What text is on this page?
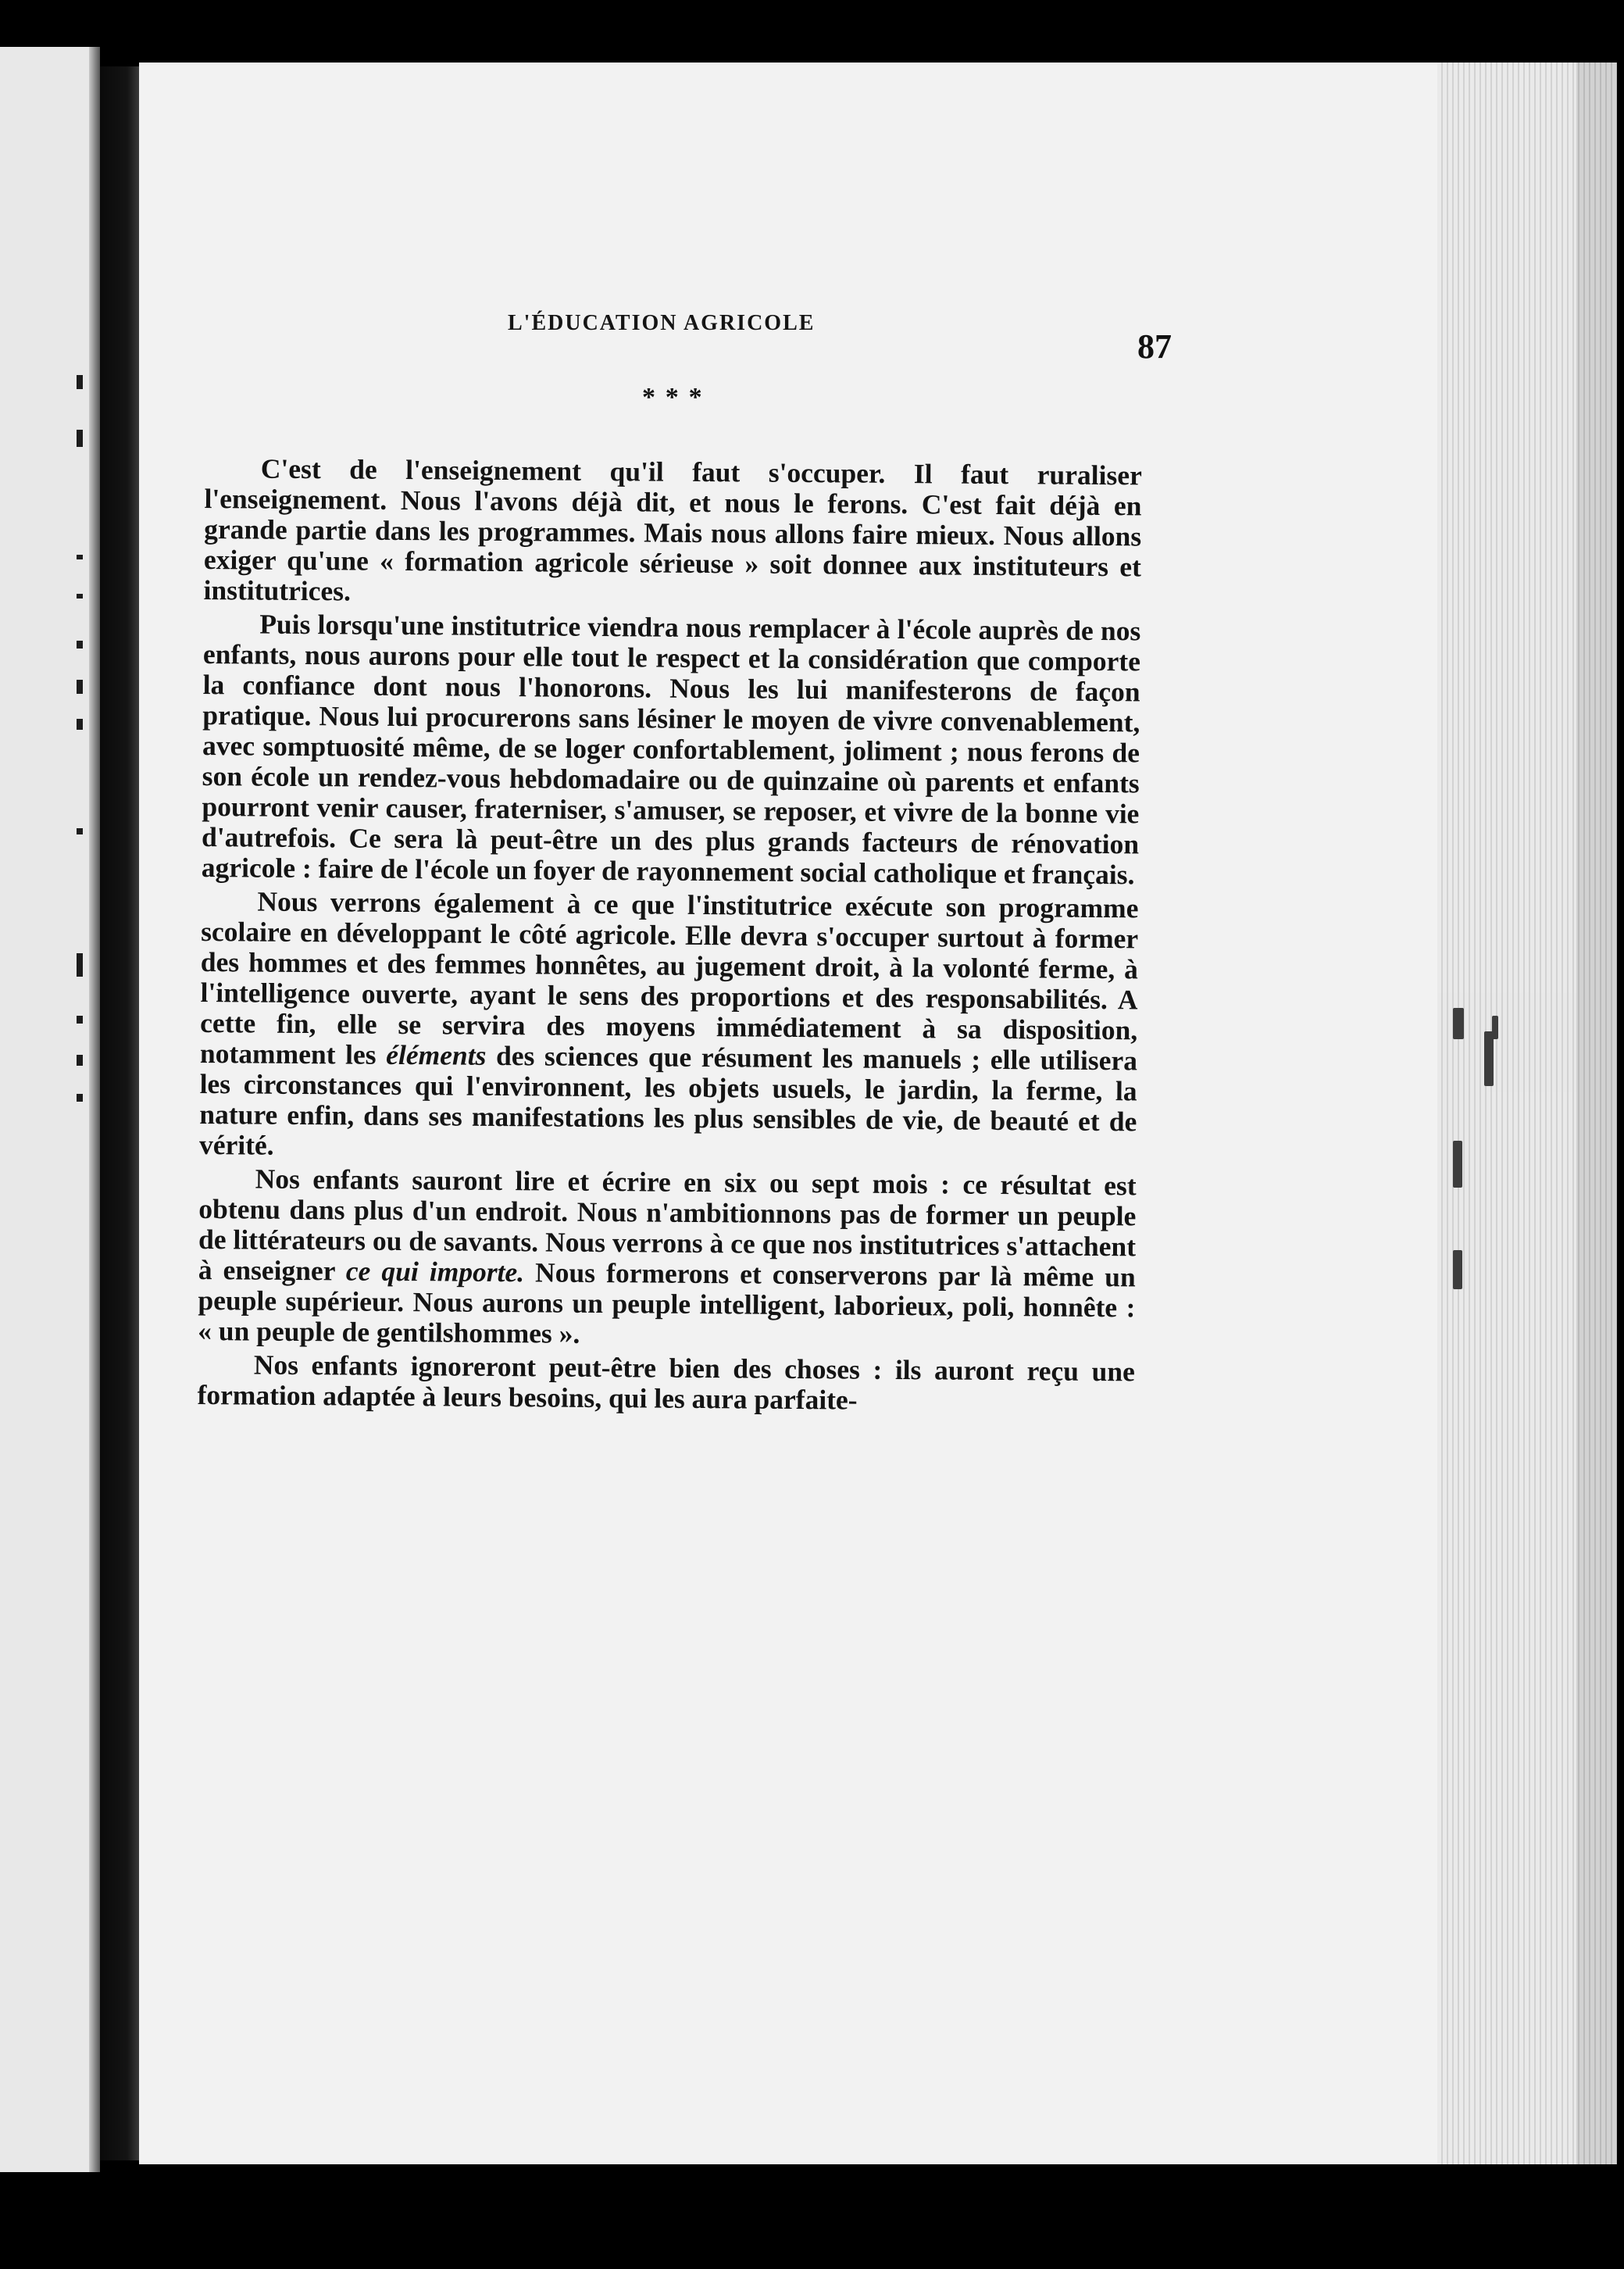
L'ÉDUCATION AGRICOLE
87
* * *

C'est de l'enseignement qu'il faut s'occuper. Il faut ruraliser l'enseignement. Nous l'avons déjà dit, et nous le ferons. C'est fait déjà en grande partie dans les programmes. Mais nous allons faire mieux. Nous allons exiger qu'une « formation agricole sérieuse » soit donnee aux instituteurs et institutrices.

Puis lorsqu'une institutrice viendra nous remplacer à l'école auprès de nos enfants, nous aurons pour elle tout le respect et la considération que comporte la confiance dont nous l'honorons. Nous les lui manifesterons de façon pratique. Nous lui procurerons sans lésiner le moyen de vivre convenablement, avec somptuosité même, de se loger confortablement, joliment ; nous ferons de son école un rendez-vous hebdomadaire ou de quinzaine où parents et enfants pourront venir causer, fraterniser, s'amuser, se reposer, et vivre de la bonne vie d'autrefois. Ce sera là peut-être un des plus grands facteurs de rénovation agricole : faire de l'école un foyer de rayonnement social catholique et français.

Nous verrons également à ce que l'institutrice exécute son programme scolaire en développant le côté agricole. Elle devra s'occuper surtout à former des hommes et des femmes honnêtes, au jugement droit, à la volonté ferme, à l'intelligence ouverte, ayant le sens des proportions et des responsabilités. A cette fin, elle se servira des moyens immédiatement à sa disposition, notamment les éléments des sciences que résument les manuels ; elle utilisera les circonstances qui l'environnent, les objets usuels, le jardin, la ferme, la nature enfin, dans ses manifestations les plus sensibles de vie, de beauté et de vérité.

Nos enfants sauront lire et écrire en six ou sept mois : ce résultat est obtenu dans plus d'un endroit. Nous n'ambitionnons pas de former un peuple de littérateurs ou de savants. Nous verrons à ce que nos institutrices s'attachent à enseigner ce qui importe. Nous formerons et conserverons par là même un peuple supérieur. Nous aurons un peuple intelligent, laborieux, poli, honnête : « un peuple de gentilshommes ».

Nos enfants ignoreront peut-être bien des choses : ils auront reçu une formation adaptée à leurs besoins, qui les aura parfaite-
